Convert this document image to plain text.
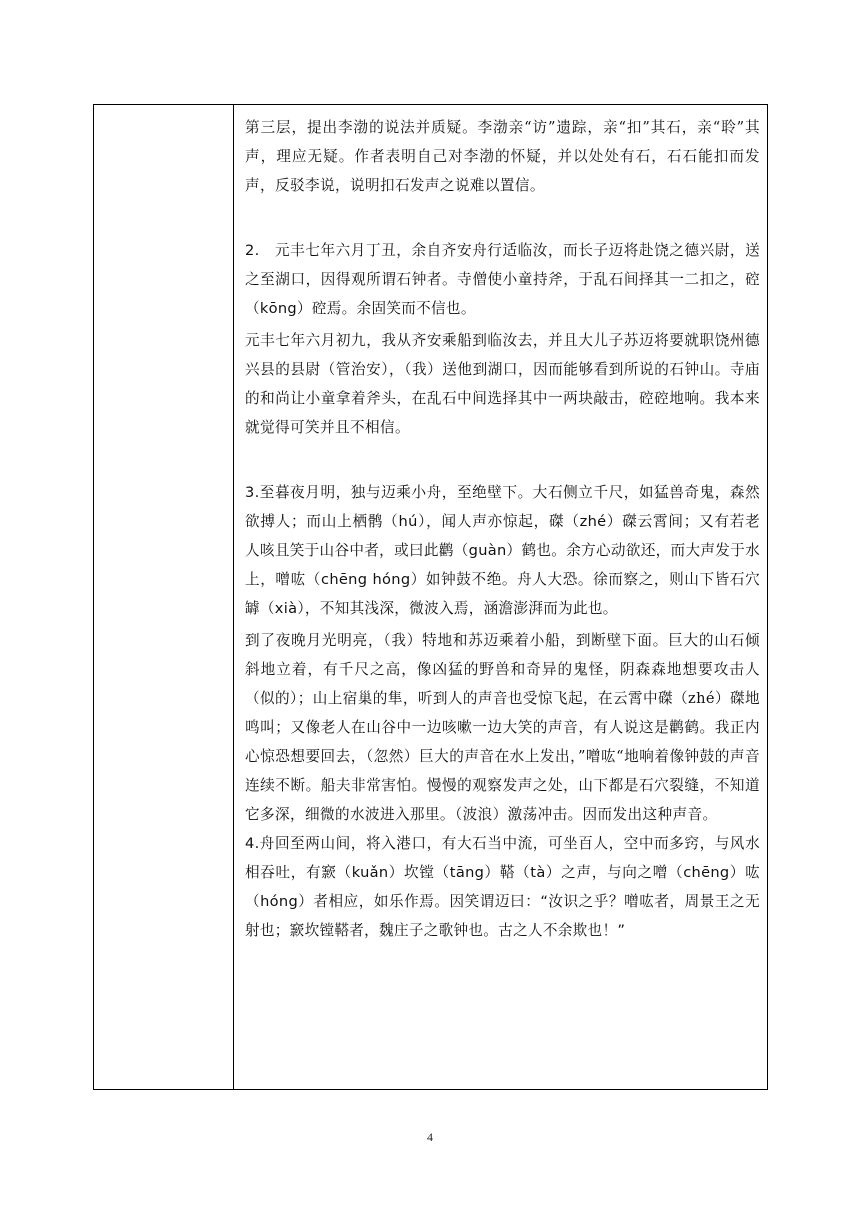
第三层，提出李渤的说法并质疑。李渤亲“访”遗踪，亲“扣”其石，亲“聆”其声，理应无疑。作者表明自己对李渤的怀疑，并以处处有石，石石能扣而发声，反驳李说，说明扣石发声之说难以置信。

2.　元丰七年六月丁丑，余自齐安舟行适临汝，而长子迈将赴饶之德兴尉，送之至湖口，因得观所谓石钟者。寺僧使小童持斧，于乱石间择其一二扣之，硿（kōng）硿焉。余固笑而不信也。

元丰七年六月初九，我从齐安乘船到临汝去，并且大儿子苏迈将要就职饶州德兴县的县尉（管治安），（我）送他到湖口，因而能够看到所说的石钟山。寺庙的和尚让小童拿着斧头，在乱石中间选择其中一两块敲击，硿硿地响。我本来就觉得可笑并且不相信。

3.至暮夜月明，独与迈乘小舟，至绝壁下。大石侧立千尺，如猛兽奇鬼，森然欲搏人；而山上栖鹘（hú），闻人声亦惊起，磔（zhé）磔云霄间；又有若老人咳且笑于山谷中者，或曰此鹳（guàn）鹤也。余方心动欲还，而大声发于水上，噌吰（chēng hóng）如钟鼓不绝。舟人大恐。徐而察之，则山下皆石穴罅（xià），不知其浅深，微波入焉，涵澹澎湃而为此也。

到了夜晚月光明亮，（我）特地和苏迈乘着小船，到断壁下面。巨大的山石倾斜地立着，有千尺之高，像凶猛的野兽和奇异的鬼怪，阴森森地想要攻击人（似的）；山上宿巢的隼，听到人的声音也受惊飞起，在云霄中磔（zhé）磔地鸣叫；又像老人在山谷中一边咳嗽一边大笑的声音，有人说这是鹳鹤。我正内心惊恐想要回去，（忽然）巨大的声音在水上发出，”噌吰“地响着像钟鼓的声音连续不断。船夫非常害怕。慢慢的观察发声之处，山下都是石穴裂缝，不知道它多深，细微的水波进入那里。（波浪）激荡冲击。因而发出这种声音。

4.舟回至两山间，将入港口，有大石当中流，可坐百人，空中而多窍，与风水相吞吐，有窾（kuǎn）坎镗（tāng）鞳（tà）之声，与向之噌（chēng）吰（hóng）者相应，如乐作焉。因笑谓迈曰：“汝识之乎？噌吰者，周景王之无射也；窾坎镗鞳者，魏庄子之歌钟也。古之人不余欺也！”

4
